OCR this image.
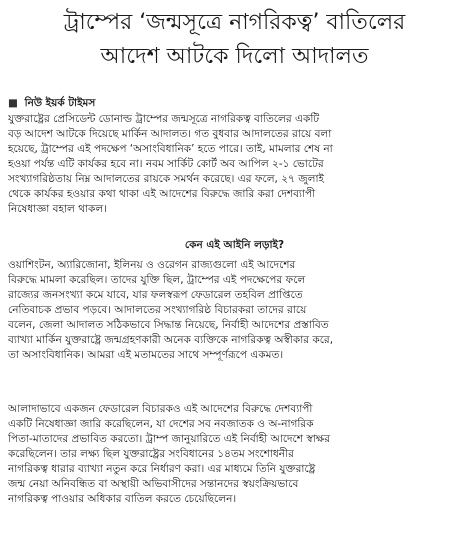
ট্রাম্পের ‘জন্মসূত্রে নাগরিকত্ব’ বাতিলের
আদেশ আটকে দিলো আদালত
■ নিউ ইয়র্ক টাইমস

যুক্তরাষ্ট্রের প্রেসিডেন্ট ডোনাল্ড ট্রাম্পের জন্মসূত্রে নাগরিকত্ব বাতিলের একটি
বড় আদেশ আটকে দিয়েছে মার্কিন আদালত। গত বুধবার আদালতের রায়ে বলা
হয়েছে, ট্রাম্পের এই পদক্ষেপ ‘অসাংবিধানিক’ হতে পারে। তাই, মামলার শেষ না
হওয়া পর্যন্ত এটি কার্যকর হবে না। নবম সার্কিট কোর্ট অব আপিল ২-১ ভোটের
সংখ্যাগরিষ্ঠতায় নিম্ন আদালতের রায়কে সমর্থন করেছে। এর ফলে, ২৭ জুলাই
থেকে কার্যকর হওয়ার কথা থাকা এই আদেশের বিরুদ্ধে জারি করা দেশব্যাপী
নিষেধাজ্ঞা বহাল থাকল।

কেন এই আইনি লড়াই?

ওয়াশিংটন, অ্যারিজোনা, ইলিনয় ও ওরেগন রাজ্যগুলো এই আদেশের
বিরুদ্ধে মামলা করেছিল। তাদের যুক্তি ছিল, ট্রাম্পের এই পদক্ষেপের ফলে
রাজ্যের জনসংখ্যা কমে যাবে, যার ফলস্বরূপ ফেডারেল তহবিল প্রাপ্তিতে
নেতিবাচক প্রভাব পড়বে। আদালতের সংখ্যাগরিষ্ঠ বিচারকরা তাদের রায়ে
বলেন, জেলা আদালত সঠিকভাবে সিদ্ধান্ত নিয়েছে, নির্বাহী আদেশের প্রস্তাবিত
ব্যাখ্যা মার্কিন যুক্তরাষ্ট্রে জন্মগ্রহণকারী অনেক ব্যক্তিকে নাগরিকত্ব অস্বীকার করে,
তা অসাংবিধানিক। আমরা এই মতামতের সাথে সম্পূর্ণরূপে একমত।

আলাদাভাবে একজন ফেডারেল বিচারকও এই আদেশের বিরুদ্ধে দেশব্যাপী
একটি নিষেধাজ্ঞা জারি করেছিলেন, যা দেশের সব নবজাতক ও অ-নাগরিক
পিতা-মাতাদের প্রভাবিত করতো। ট্রাম্প জানুয়ারিতে এই নির্বাহী আদেশে স্বাক্ষর
করেছিলেন। তার লক্ষ্য ছিল যুক্তরাষ্ট্রের সংবিধানের ১৪তম সংশোধনীর
নাগরিকত্ব ধারার ব্যাখ্যা নতুন করে নির্ধারণ করা। এর মাধ্যমে তিনি যুক্তরাষ্ট্রে
জন্ম নেয়া অনিবন্ধিত বা অস্থায়ী অভিবাসীদের সন্তানদের স্বয়ংক্রিয়ভাবে
নাগরিকত্ব পাওয়ার অধিকার বাতিল করতে চেয়েছিলেন।
